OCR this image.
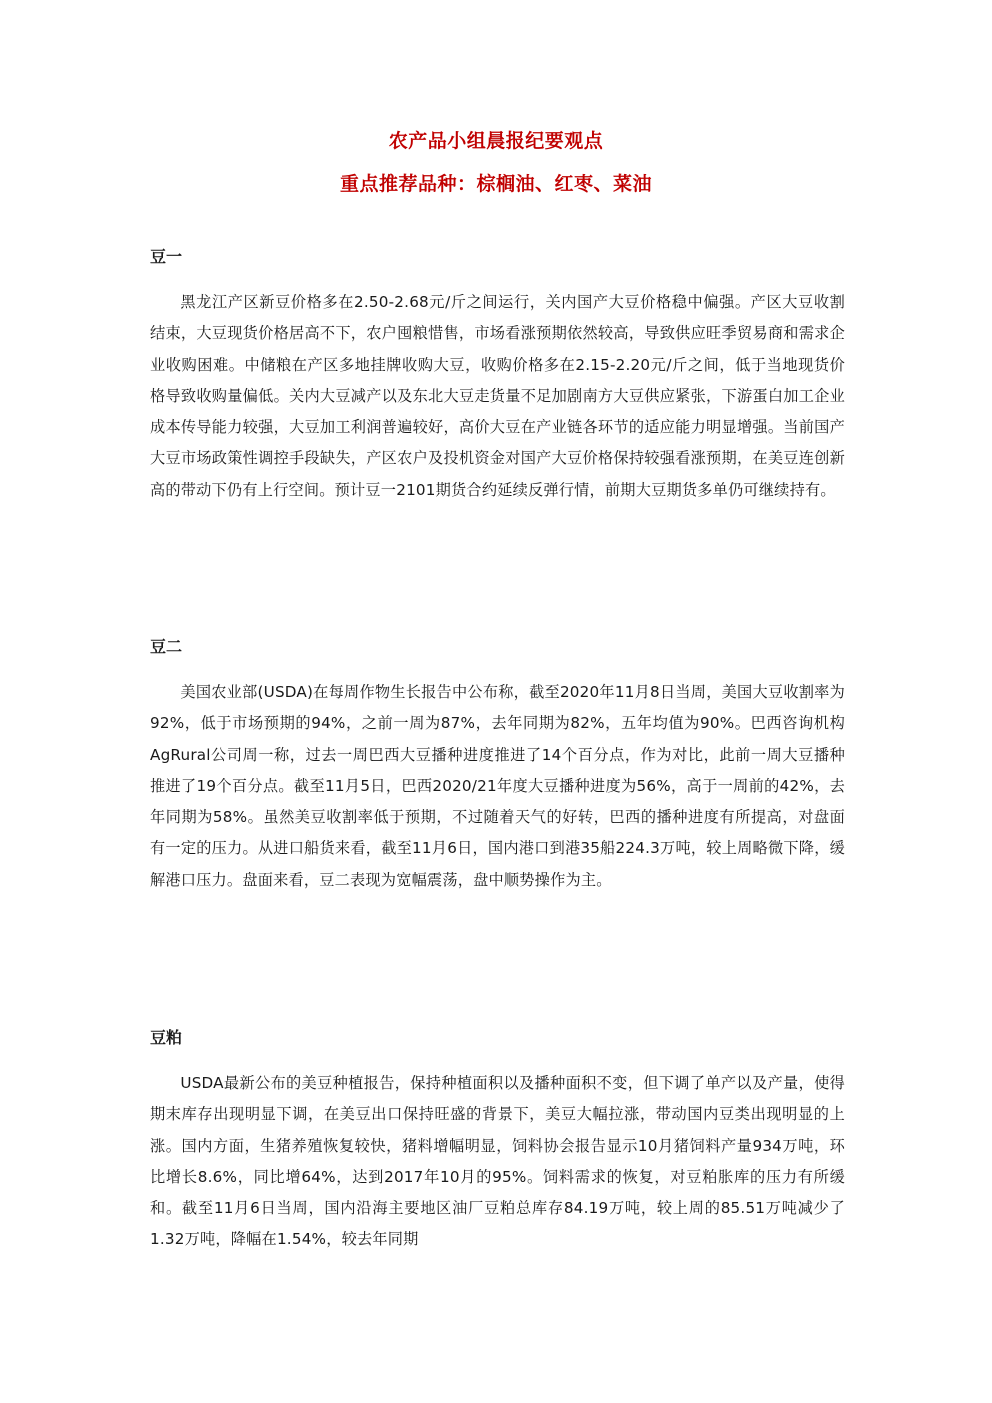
农产品小组晨报纪要观点
重点推荐品种：棕榈油、红枣、菜油
豆一

黑龙江产区新豆价格多在2.50-2.68元/斤之间运行，关内国产大豆价格稳中偏强。产区大豆收割结束，大豆现货价格居高不下，农户囤粮惜售，市场看涨预期依然较高，导致供应旺季贸易商和需求企业收购困难。中储粮在产区多地挂牌收购大豆，收购价格多在2.15-2.20元/斤之间，低于当地现货价格导致收购量偏低。关内大豆减产以及东北大豆走货量不足加剧南方大豆供应紧张，下游蛋白加工企业成本传导能力较强，大豆加工利润普遍较好，高价大豆在产业链各环节的适应能力明显增强。当前国产大豆市场政策性调控手段缺失，产区农户及投机资金对国产大豆价格保持较强看涨预期，在美豆连创新高的带动下仍有上行空间。预计豆一2101期货合约延续反弹行情，前期大豆期货多单仍可继续持有。

豆二

美国农业部(USDA)在每周作物生长报告中公布称，截至2020年11月8日当周，美国大豆收割率为92%，低于市场预期的94%，之前一周为87%，去年同期为82%，五年均值为90%。巴西咨询机构AgRural公司周一称，过去一周巴西大豆播种进度推进了14个百分点，作为对比，此前一周大豆播种推进了19个百分点。截至11月5日，巴西2020/21年度大豆播种进度为56%，高于一周前的42%，去年同期为58%。虽然美豆收割率低于预期，不过随着天气的好转，巴西的播种进度有所提高，对盘面有一定的压力。从进口船货来看，截至11月6日，国内港口到港35船224.3万吨，较上周略微下降，缓解港口压力。盘面来看，豆二表现为宽幅震荡，盘中顺势操作为主。

豆粕

USDA最新公布的美豆种植报告，保持种植面积以及播种面积不变，但下调了单产以及产量，使得期末库存出现明显下调，在美豆出口保持旺盛的背景下，美豆大幅拉涨，带动国内豆类出现明显的上涨。国内方面，生猪养殖恢复较快，猪料增幅明显，饲料协会报告显示10月猪饲料产量934万吨，环比增长8.6%，同比增64%，达到2017年10月的95%。饲料需求的恢复，对豆粕胀库的压力有所缓和。截至11月6日当周，国内沿海主要地区油厂豆粕总库存84.19万吨，较上周的85.51万吨减少了1.32万吨，降幅在1.54%，较去年同期
